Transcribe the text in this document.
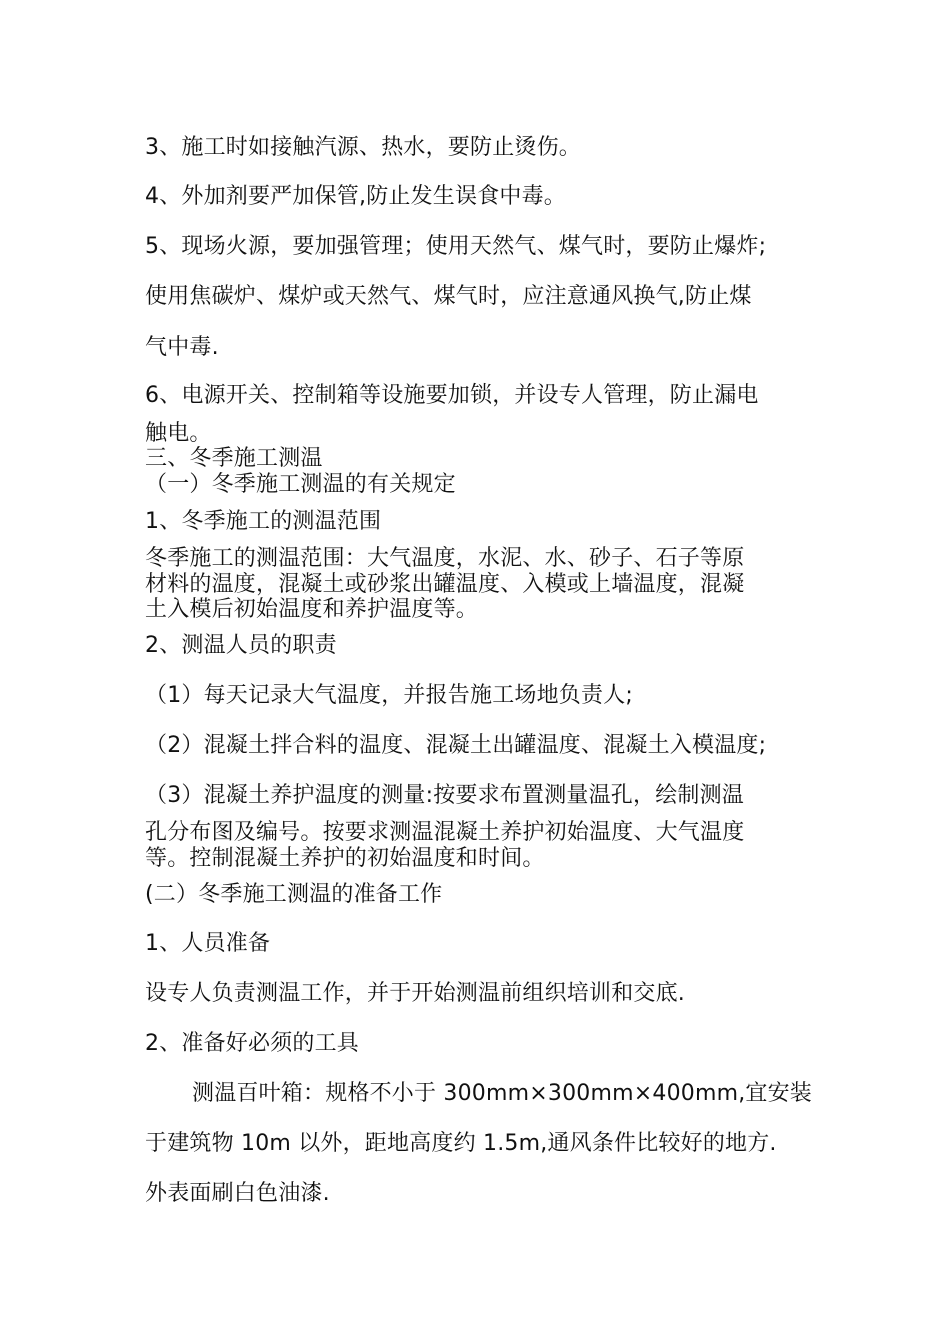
3、施工时如接触汽源、热水，要防止烫伤。
4、外加剂要严加保管,防止发生误食中毒。
5、现场火源，要加强管理；使用天然气、煤气时，要防止爆炸;
使用焦碳炉、煤炉或天然气、煤气时，应注意通风换气,防止煤
气中毒.
6、电源开关、控制箱等设施要加锁，并设专人管理，防止漏电
触电。
三、冬季施工测温
（一）冬季施工测温的有关规定
1、冬季施工的测温范围
冬季施工的测温范围：大气温度，水泥、水、砂子、石子等原
材料的温度，混凝土或砂浆出罐温度、入模或上墙温度，混凝
土入模后初始温度和养护温度等。
2、测温人员的职责
（1）每天记录大气温度，并报告施工场地负责人;
（2）混凝土拌合料的温度、混凝土出罐温度、混凝土入模温度;
（3）混凝土养护温度的测量:按要求布置测量温孔，绘制测温
孔分布图及编号。按要求测温混凝土养护初始温度、大气温度
等。控制混凝土养护的初始温度和时间。
(二）冬季施工测温的准备工作
1、人员准备
设专人负责测温工作，并于开始测温前组织培训和交底.
2、准备好必须的工具
测温百叶箱：规格不小于 300mm×300mm×400mm,宜安装
于建筑物 10m 以外，距地高度约 1.5m,通风条件比较好的地方.
外表面刷白色油漆.
